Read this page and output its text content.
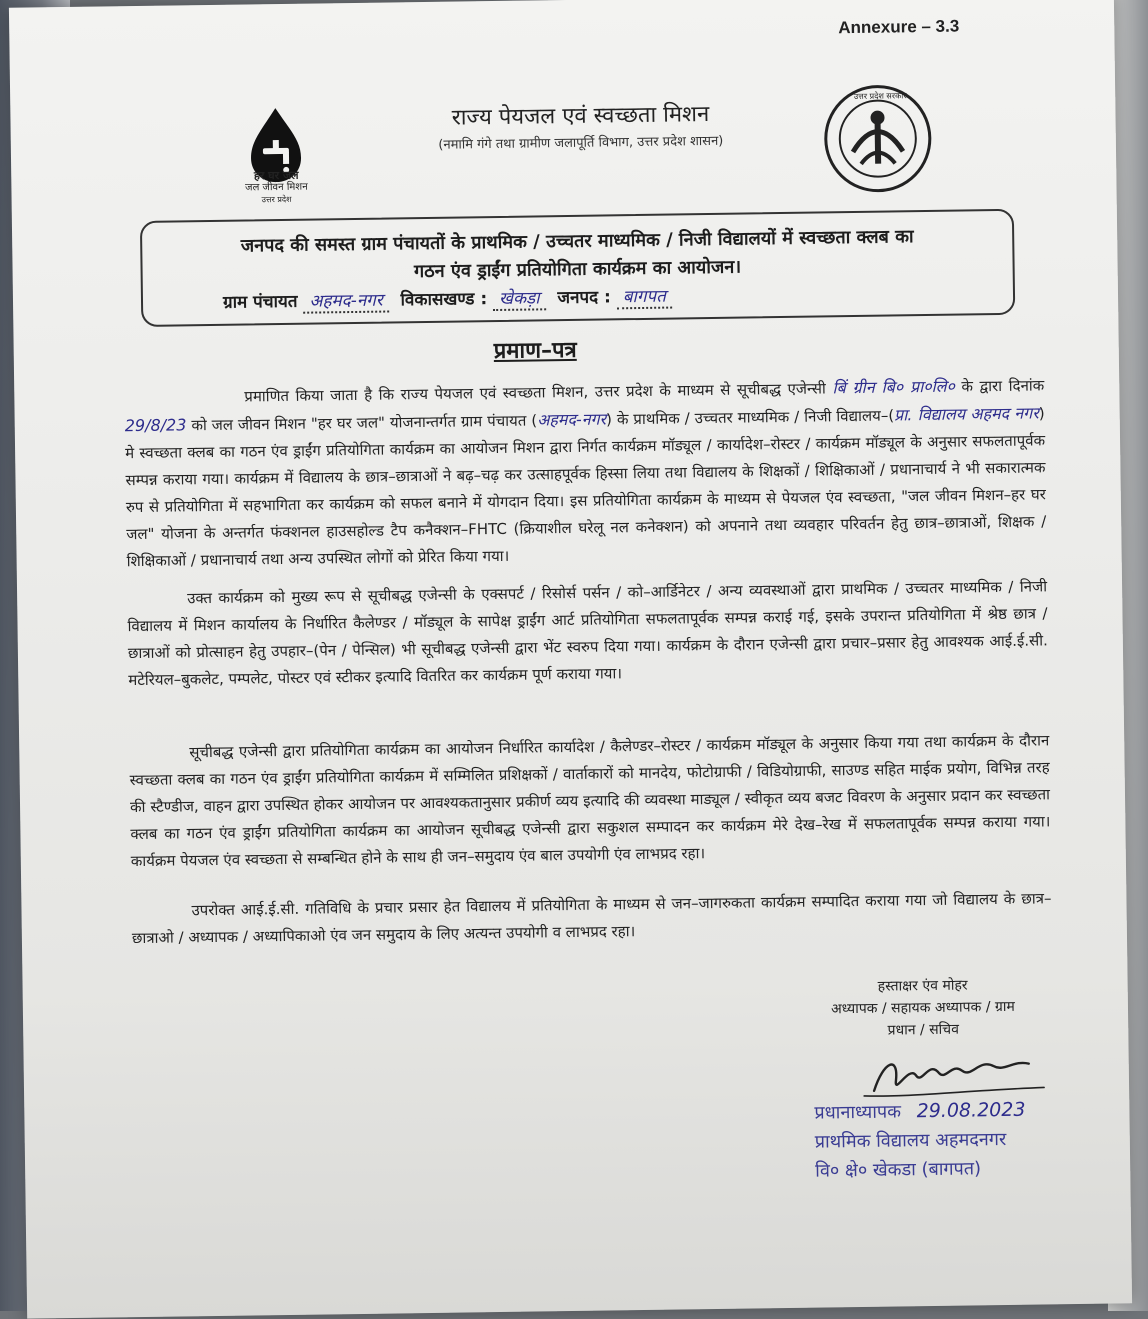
Annexure – 3.3
हर घर जल
जल जीवन मिशन
उत्तर प्रदेश
उत्तर प्रदेश सरकार
राज्य पेयजल एवं स्वच्छता मिशन
(नमामि गंगे तथा ग्रामीण जलापूर्ति विभाग, उत्तर प्रदेश शासन)
जनपद की समस्त ग्राम पंचायतों के प्राथमिक / उच्चतर माध्यमिक / निजी विद्यालयों में स्वच्छता क्लब का
गठन एंव ड्राईंग प्रतियोगिता कार्यक्रम का आयोजन।
ग्राम पंचायत अहमद-नगर विकासखण्ड : खेकड़ा जनपद : बागपत
प्रमाण–पत्र
प्रमाणित किया जाता है कि राज्य पेयजल एवं स्वच्छता मिशन, उत्तर प्रदेश के माध्यम से सूचीबद्ध एजेन्सी बिं ग्रीन बि० प्रा०लि० के द्वारा दिनांक 29/8/23 को जल जीवन मिशन "हर घर जल" योजनान्तर्गत ग्राम पंचायत (अहमद-नगर) के प्राथमिक / उच्चतर माध्यमिक / निजी विद्यालय–(प्रा. विद्यालय अहमद नगर) मे स्वच्छता क्लब का गठन एंव ड्राईंग प्रतियोगिता कार्यक्रम का आयोजन मिशन द्वारा निर्गत कार्यक्रम मॉड्यूल / कार्यादेश–रोस्टर / कार्यक्रम मॉड्यूल के अनुसार सफलतापूर्वक सम्पन्न कराया गया। कार्यक्रम में विद्यालय के छात्र–छात्राओं ने बढ़–चढ़ कर उत्साहपूर्वक हिस्सा लिया तथा विद्यालय के शिक्षकों / शिक्षिकाओं / प्रधानाचार्य ने भी सकारात्मक रुप से प्रतियोगिता में सहभागिता कर कार्यक्रम को सफल बनाने में योगदान दिया। इस प्रतियोगिता कार्यक्रम के माध्यम से पेयजल एंव स्वच्छता, "जल जीवन मिशन–हर घर जल" योजना के अन्तर्गत फंक्शनल हाउसहोल्ड टैप कनैक्शन–FHTC (क्रियाशील घरेलू नल कनेक्शन) को अपनाने तथा व्यवहार परिवर्तन हेतु छात्र–छात्राओं, शिक्षक / शिक्षिकाओं / प्रधानाचार्य तथा अन्य उपस्थित लोगों को प्रेरित किया गया।
उक्त कार्यक्रम को मुख्य रूप से सूचीबद्ध एजेन्सी के एक्सपर्ट / रिसोर्स पर्सन / को–आर्डिनेटर / अन्य व्यवस्थाओं द्वारा प्राथमिक / उच्चतर माध्यमिक / निजी विद्यालय में मिशन कार्यालय के निर्धारित कैलेण्डर / मॉड्यूल के सापेक्ष ड्राईंग आर्ट प्रतियोगिता सफलतापूर्वक सम्पन्न कराई गई, इसके उपरान्त प्रतियोगिता में श्रेष्ठ छात्र / छात्राओं को प्रोत्साहन हेतु उपहार–(पेन / पेन्सिल) भी सूचीबद्ध एजेन्सी द्वारा भेंट स्वरुप दिया गया। कार्यक्रम के दौरान एजेन्सी द्वारा प्रचार–प्रसार हेतु आवश्यक आई.ई.सी. मटेरियल–बुकलेट, पम्पलेट, पोस्टर एवं स्टीकर इत्यादि वितरित कर कार्यक्रम पूर्ण कराया गया।
सूचीबद्ध एजेन्सी द्वारा प्रतियोगिता कार्यक्रम का आयोजन निर्धारित कार्यादेश / कैलेण्डर–रोस्टर / कार्यक्रम मॉड्यूल के अनुसार किया गया तथा कार्यक्रम के दौरान स्वच्छता क्लब का गठन एंव ड्राईंग प्रतियोगिता कार्यक्रम में सम्मिलित प्रशिक्षकों / वार्ताकारों को मानदेय, फोटोग्राफी / विडियोग्राफी, साउण्ड सहित माईक प्रयोग, विभिन्न तरह की स्टैण्डीज, वाहन द्वारा उपस्थित होकर आयोजन पर आवश्यकतानुसार प्रकीर्ण व्यय इत्यादि की व्यवस्था माड्यूल / स्वीकृत व्यय बजट विवरण के अनुसार प्रदान कर स्वच्छता क्लब का गठन एंव ड्राईंग प्रतियोगिता कार्यक्रम का आयोजन सूचीबद्ध एजेन्सी द्वारा सकुशल सम्पादन कर कार्यक्रम मेरे देख–रेख में सफलतापूर्वक सम्पन्न कराया गया। कार्यक्रम पेयजल एंव स्वच्छता से सम्बन्धित होने के साथ ही जन–समुदाय एंव बाल उपयोगी एंव लाभप्रद रहा।
उपरोक्त आई.ई.सी. गतिविधि के प्रचार प्रसार हेत विद्यालय में प्रतियोगिता के माध्यम से जन–जागरुकता कार्यक्रम सम्पादित कराया गया जो विद्यालय के छात्र–छात्राओ / अध्यापक / अध्यापिकाओ एंव जन समुदाय के लिए अत्यन्त उपयोगी व लाभप्रद रहा।
हस्ताक्षर एंव मोहर
अध्यापक / सहायक अध्यापक / ग्राम
प्रधान / सचिव
प्रधानाध्यापक 29.08.2023
प्राथमिक विद्यालय अहमदनगर
वि० क्षे० खेकडा (बागपत)
